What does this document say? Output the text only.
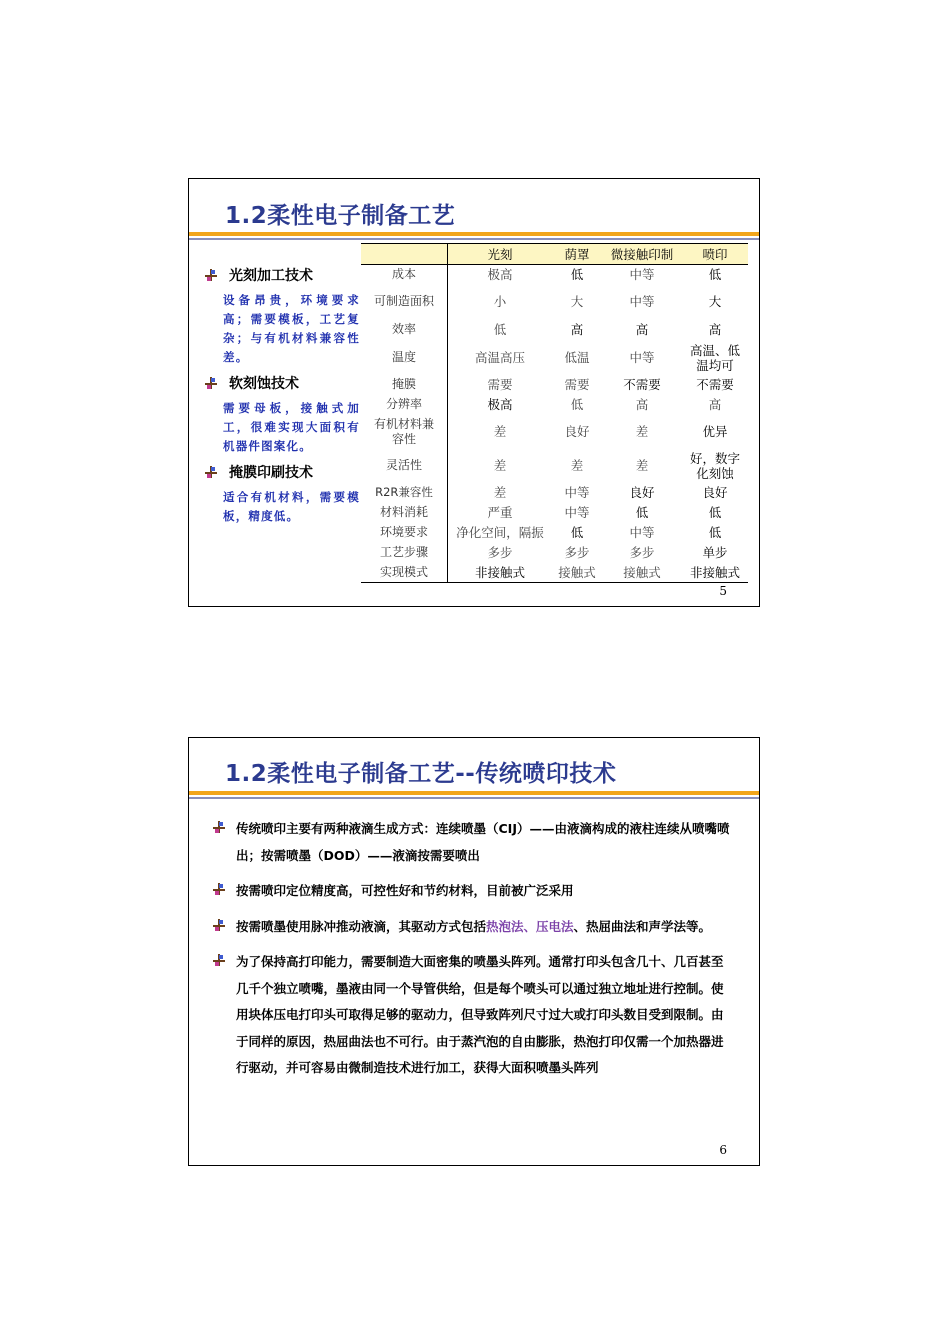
1.2柔性电子制备工艺
光刻加工技术
设备昂贵，环境要求高；需要模板，工艺复杂；与有机材料兼容性差。
软刻蚀技术
需要母板，接触式加工，很难实现大面积有机器件图案化。
掩膜印刷技术
适合有机材料，需要模板，精度低。
	光刻	荫罩	微接触印制	喷印
成本	极高	低	中等	低
可制造面积	小	大	中等	大
效率	低	高	高	高
温度	高温高压	低温	中等	高温、低温均可
掩膜	需要	需要	不需要	不需要
分辨率	极高	低	高	高
有机材料兼容性	差	良好	差	优异
灵活性	差	差	差	好，数字化刻蚀
R2R兼容性	差	中等	良好	良好
材料消耗	严重	中等	低	低
环境要求	净化空间，隔振	低	中等	低
工艺步骤	多步	多步	多步	单步
实现模式	非接触式	接触式	接触式	非接触式
5
1.2柔性电子制备工艺--传统喷印技术
传统喷印主要有两种液滴生成方式：连续喷墨（CIJ）——由液滴构成的液柱连续从喷嘴喷出；按需喷墨（DOD）——液滴按需要喷出
按需喷印定位精度高，可控性好和节约材料，目前被广泛采用
按需喷墨使用脉冲推动液滴，其驱动方式包括热泡法、压电法、热屈曲法和声学法等。
为了保持高打印能力，需要制造大面密集的喷墨头阵列。通常打印头包含几十、几百甚至几千个独立喷嘴，墨液由同一个导管供给，但是每个喷头可以通过独立地址进行控制。使用块体压电打印头可取得足够的驱动力，但导致阵列尺寸过大或打印头数目受到限制。由于同样的原因，热屈曲法也不可行。由于蒸汽泡的自由膨胀，热泡打印仅需一个加热器进行驱动，并可容易由微制造技术进行加工，获得大面积喷墨头阵列
6
